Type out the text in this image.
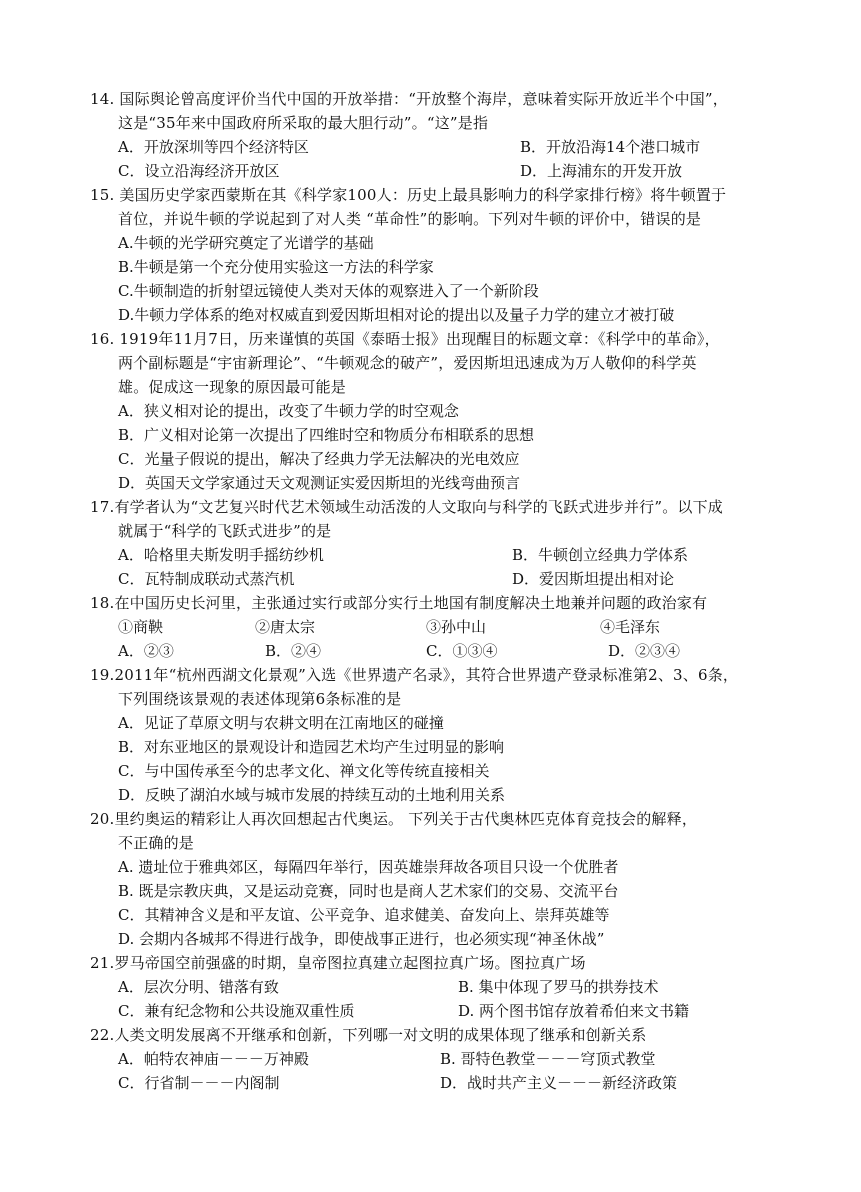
14. 国际舆论曾高度评价当代中国的开放举措：“开放整个海岸，意味着实际开放近半个中国”，
这是“35年来中国政府所采取的最大胆行动”。“这”是指
A．开放深圳等四个经济特区	B．开放沿海14个港口城市
C．设立沿海经济开放区	D．上海浦东的开发开放
15. 美国历史学家西蒙斯在其《科学家100人：历史上最具影响力的科学家排行榜》将牛顿置于
首位，并说牛顿的学说起到了对人类 “革命性”的影响。下列对牛顿的评价中，错误的是
A.牛顿的光学研究奠定了光谱学的基础
B.牛顿是第一个充分使用实验这一方法的科学家
C.牛顿制造的折射望远镜使人类对天体的观察进入了一个新阶段
D.牛顿力学体系的绝对权威直到爱因斯坦相对论的提出以及量子力学的建立才被打破
16. 1919年11月7日，历来谨慎的英国《泰晤士报》出现醒目的标题文章：《科学中的革命》，
两个副标题是“宇宙新理论”、“牛顿观念的破产”，爱因斯坦迅速成为万人敬仰的科学英
雄。促成这一现象的原因最可能是
A．狭义相对论的提出，改变了牛顿力学的时空观念
B．广义相对论第一次提出了四维时空和物质分布相联系的思想
C．光量子假说的提出，解决了经典力学无法解决的光电效应
D．英国天文学家通过天文观测证实爱因斯坦的光线弯曲预言
17.有学者认为“文艺复兴时代艺术领域生动活泼的人文取向与科学的飞跃式进步并行”。以下成
就属于“科学的飞跃式进步”的是
A．哈格里夫斯发明手摇纺纱机	B．牛顿创立经典力学体系
C．瓦特制成联动式蒸汽机	D．爱因斯坦提出相对论
18.在中国历史长河里，主张通过实行或部分实行土地国有制度解决土地兼并问题的政治家有
①商鞅	②唐太宗	③孙中山	④毛泽东
A．②③	B．②④	C．①③④	D．②③④
19.2011年“杭州西湖文化景观”入选《世界遗产名录》，其符合世界遗产登录标准第2、3、6条，
下列围绕该景观的表述体现第6条标准的是
A．见证了草原文明与农耕文明在江南地区的碰撞
B．对东亚地区的景观设计和造园艺术均产生过明显的影响
C．与中国传承至今的忠孝文化、禅文化等传统直接相关
D．反映了湖泊水域与城市发展的持续互动的土地利用关系
20.里约奥运的精彩让人再次回想起古代奥运。 下列关于古代奥林匹克体育竞技会的解释，
不正确的是
A. 遗址位于雅典郊区，每隔四年举行，因英雄崇拜故各项目只设一个优胜者
B. 既是宗教庆典，又是运动竞赛，同时也是商人艺术家们的交易、交流平台
C．其精神含义是和平友谊、公平竞争、追求健美、奋发向上、崇拜英雄等
D. 会期内各城邦不得进行战争，即使战事正进行，也必须实现“神圣休战”
21.罗马帝国空前强盛的时期，皇帝图拉真建立起图拉真广场。图拉真广场
A．层次分明、错落有致	B. 集中体现了罗马的拱券技术
C．兼有纪念物和公共设施双重性质	D. 两个图书馆存放着希伯来文书籍
22.人类文明发展离不开继承和创新，下列哪一对文明的成果体现了继承和创新关系
A．帕特农神庙－－－万神殿	B. 哥特色教堂－－－穹顶式教堂
C．行省制－－－内阁制	D．战时共产主义－－－新经济政策
